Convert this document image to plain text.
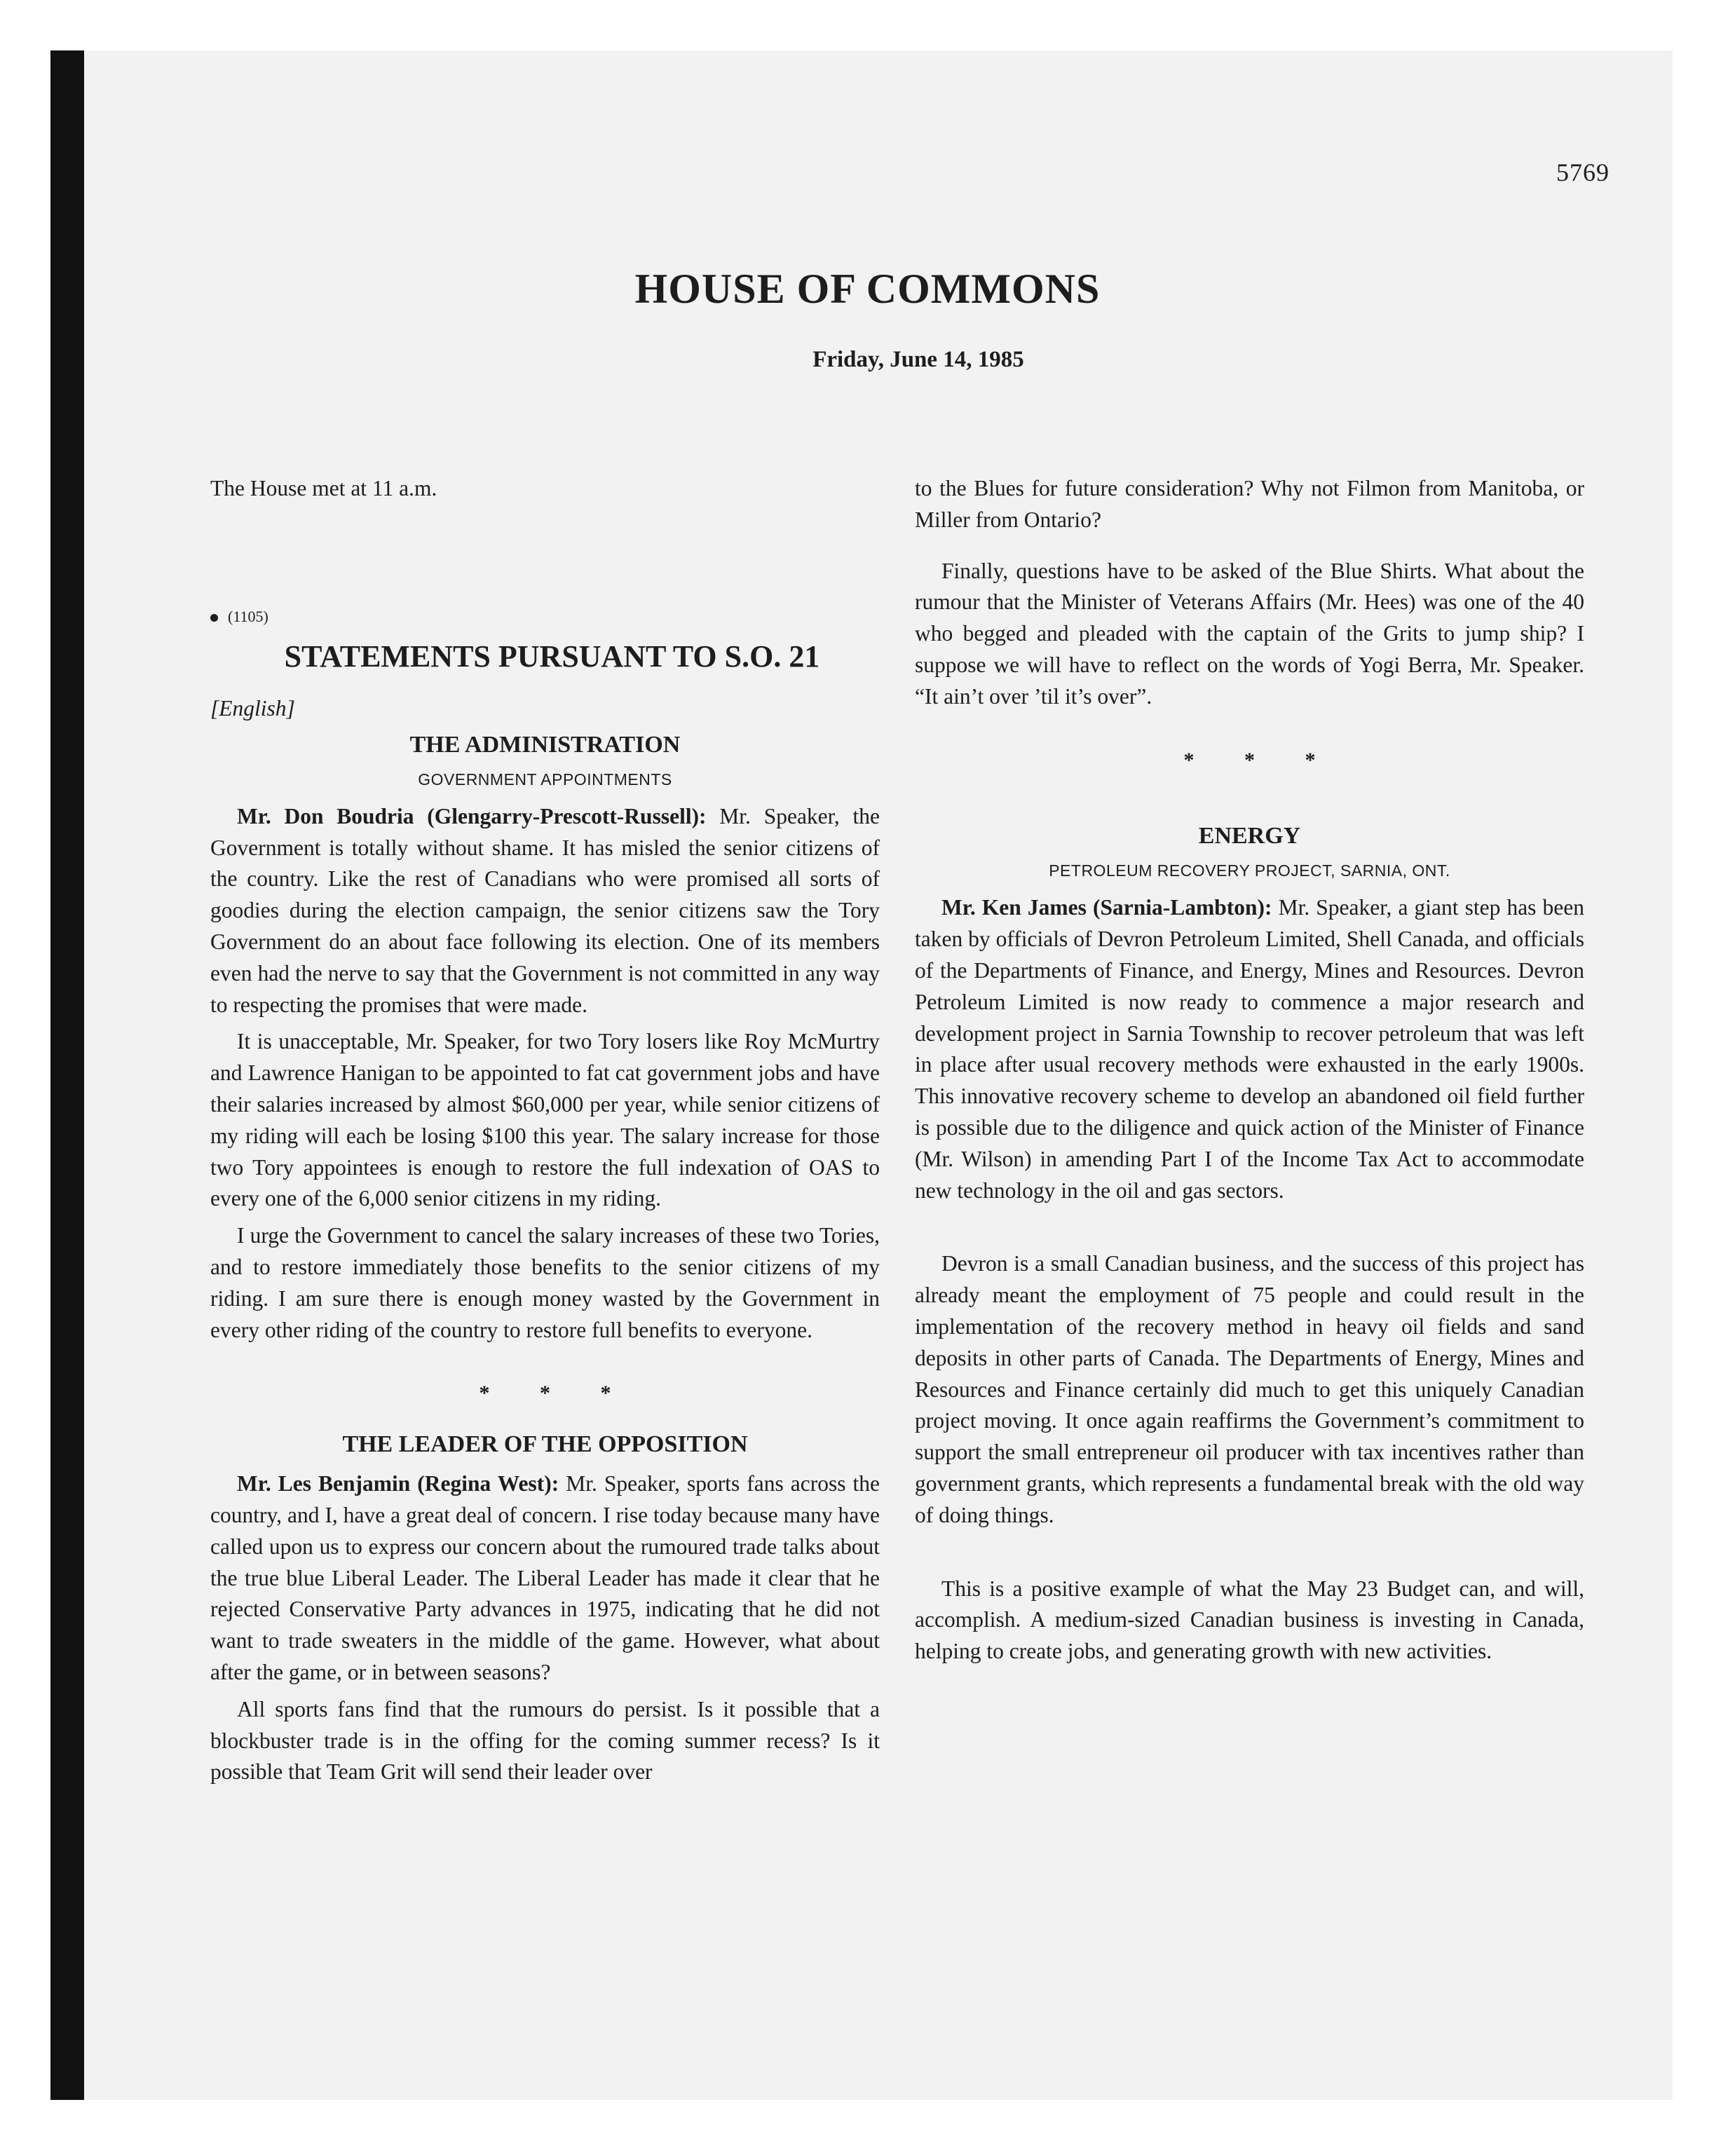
5769
HOUSE OF COMMONS
Friday, June 14, 1985

The House met at 11 a.m.

(1105)
STATEMENTS PURSUANT TO S.O. 21
[English]
THE ADMINISTRATION
GOVERNMENT APPOINTMENTS

Mr. Don Boudria (Glengarry-Prescott-Russell): Mr. Speaker, the Government is totally without shame. It has misled the senior citizens of the country. Like the rest of Canadians who were promised all sorts of goodies during the election campaign, the senior citizens saw the Tory Government do an about face following its election. One of its members even had the nerve to say that the Government is not committed in any way to respecting the promises that were made.

It is unacceptable, Mr. Speaker, for two Tory losers like Roy McMurtry and Lawrence Hanigan to be appointed to fat cat government jobs and have their salaries increased by almost $60,000 per year, while senior citizens of my riding will each be losing $100 this year. The salary increase for those two Tory appointees is enough to restore the full indexation of OAS to every one of the 6,000 senior citizens in my riding.

I urge the Government to cancel the salary increases of these two Tories, and to restore immediately those benefits to the senior citizens of my riding. I am sure there is enough money wasted by the Government in every other riding of the country to restore full benefits to everyone.

* * *
THE LEADER OF THE OPPOSITION

Mr. Les Benjamin (Regina West): Mr. Speaker, sports fans across the country, and I, have a great deal of concern. I rise today because many have called upon us to express our concern about the rumoured trade talks about the true blue Liberal Leader. The Liberal Leader has made it clear that he rejected Conservative Party advances in 1975, indicating that he did not want to trade sweaters in the middle of the game. However, what about after the game, or in between seasons?

All sports fans find that the rumours do persist. Is it possible that a blockbuster trade is in the offing for the coming summer recess? Is it possible that Team Grit will send their leader over

to the Blues for future consideration? Why not Filmon from Manitoba, or Miller from Ontario?

Finally, questions have to be asked of the Blue Shirts. What about the rumour that the Minister of Veterans Affairs (Mr. Hees) was one of the 40 who begged and pleaded with the captain of the Grits to jump ship? I suppose we will have to reflect on the words of Yogi Berra, Mr. Speaker. “It ain’t over ’til it’s over”.

* * *
ENERGY
PETROLEUM RECOVERY PROJECT, SARNIA, ONT.

Mr. Ken James (Sarnia-Lambton): Mr. Speaker, a giant step has been taken by officials of Devron Petroleum Limited, Shell Canada, and officials of the Departments of Finance, and Energy, Mines and Resources. Devron Petroleum Limited is now ready to commence a major research and development project in Sarnia Township to recover petroleum that was left in place after usual recovery methods were exhausted in the early 1900s. This innovative recovery scheme to develop an abandoned oil field further is possible due to the diligence and quick action of the Minister of Finance (Mr. Wilson) in amending Part I of the Income Tax Act to accommodate new technology in the oil and gas sectors.

Devron is a small Canadian business, and the success of this project has already meant the employment of 75 people and could result in the implementation of the recovery method in heavy oil fields and sand deposits in other parts of Canada. The Departments of Energy, Mines and Resources and Finance certainly did much to get this uniquely Canadian project moving. It once again reaffirms the Government’s commitment to support the small entrepreneur oil producer with tax incentives rather than government grants, which represents a fundamental break with the old way of doing things.

This is a positive example of what the May 23 Budget can, and will, accomplish. A medium-sized Canadian business is investing in Canada, helping to create jobs, and generating growth with new activities.
